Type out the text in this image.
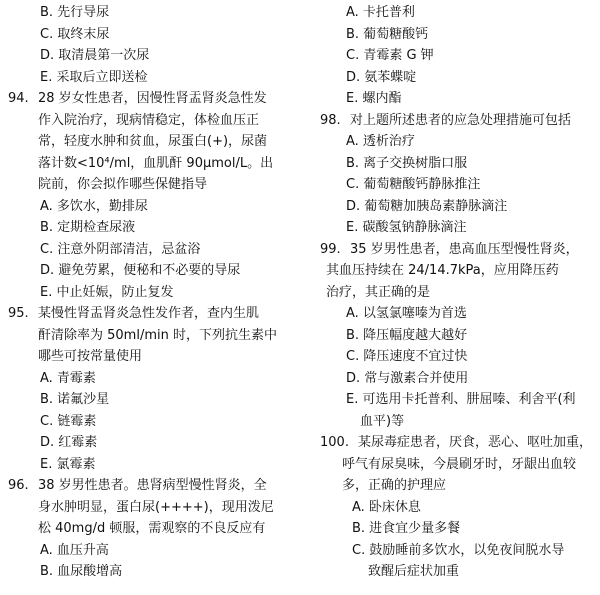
B. 先行导尿
C. 取终末尿
D. 取清晨第一次尿
E. 采取后立即送检
94. 28 岁女性患者，因慢性肾盂肾炎急性发
作入院治疗，现病情稳定，体检血压正
常，轻度水肿和贫血，尿蛋白(+)，尿菌
落计数<10⁴/ml，血肌酐 90μmol/L。出
院前，你会拟作哪些保健指导
A. 多饮水，勤排尿
B. 定期检查尿液
C. 注意外阴部清洁，忌盆浴
D. 避免劳累，便秘和不必要的导尿
E. 中止妊娠，防止复发
95. 某慢性肾盂肾炎急性发作者，查内生肌
酐清除率为 50ml/min 时，下列抗生素中
哪些可按常量使用
A. 青霉素
B. 诺氟沙星
C. 链霉素
D. 红霉素
E. 氯霉素
96. 38 岁男性患者。患肾病型慢性肾炎，全
身水肿明显，蛋白尿(++++)，现用泼尼
松 40mg/d 顿服，需观察的不良反应有
A. 血压升高
B. 血尿酸增高
A. 卡托普利
B. 葡萄糖酸钙
C. 青霉素 G 钾
D. 氨苯蝶啶
E. 螺内酯
98. 对上题所述患者的应急处理措施可包括
A. 透析治疗
B. 离子交换树脂口服
C. 葡萄糖酸钙静脉推注
D. 葡萄糖加胰岛素静脉滴注
E. 碳酸氢钠静脉滴注
99. 35 岁男性患者，患高血压型慢性肾炎，
其血压持续在 24/14.7kPa，应用降压药
治疗，其正确的是
A. 以氢氯噻嗪为首选
B. 降压幅度越大越好
C. 降压速度不宜过快
D. 常与激素合并使用
E. 可选用卡托普利、肼屈嗪、利舍平(利
血平)等
100. 某尿毒症患者，厌食，恶心、呕吐加重，
呼气有尿臭味，今晨刷牙时，牙龈出血较
多，正确的护理应
A. 卧床休息
B. 进食宜少量多餐
C. 鼓励睡前多饮水，以免夜间脱水导
致醒后症状加重
